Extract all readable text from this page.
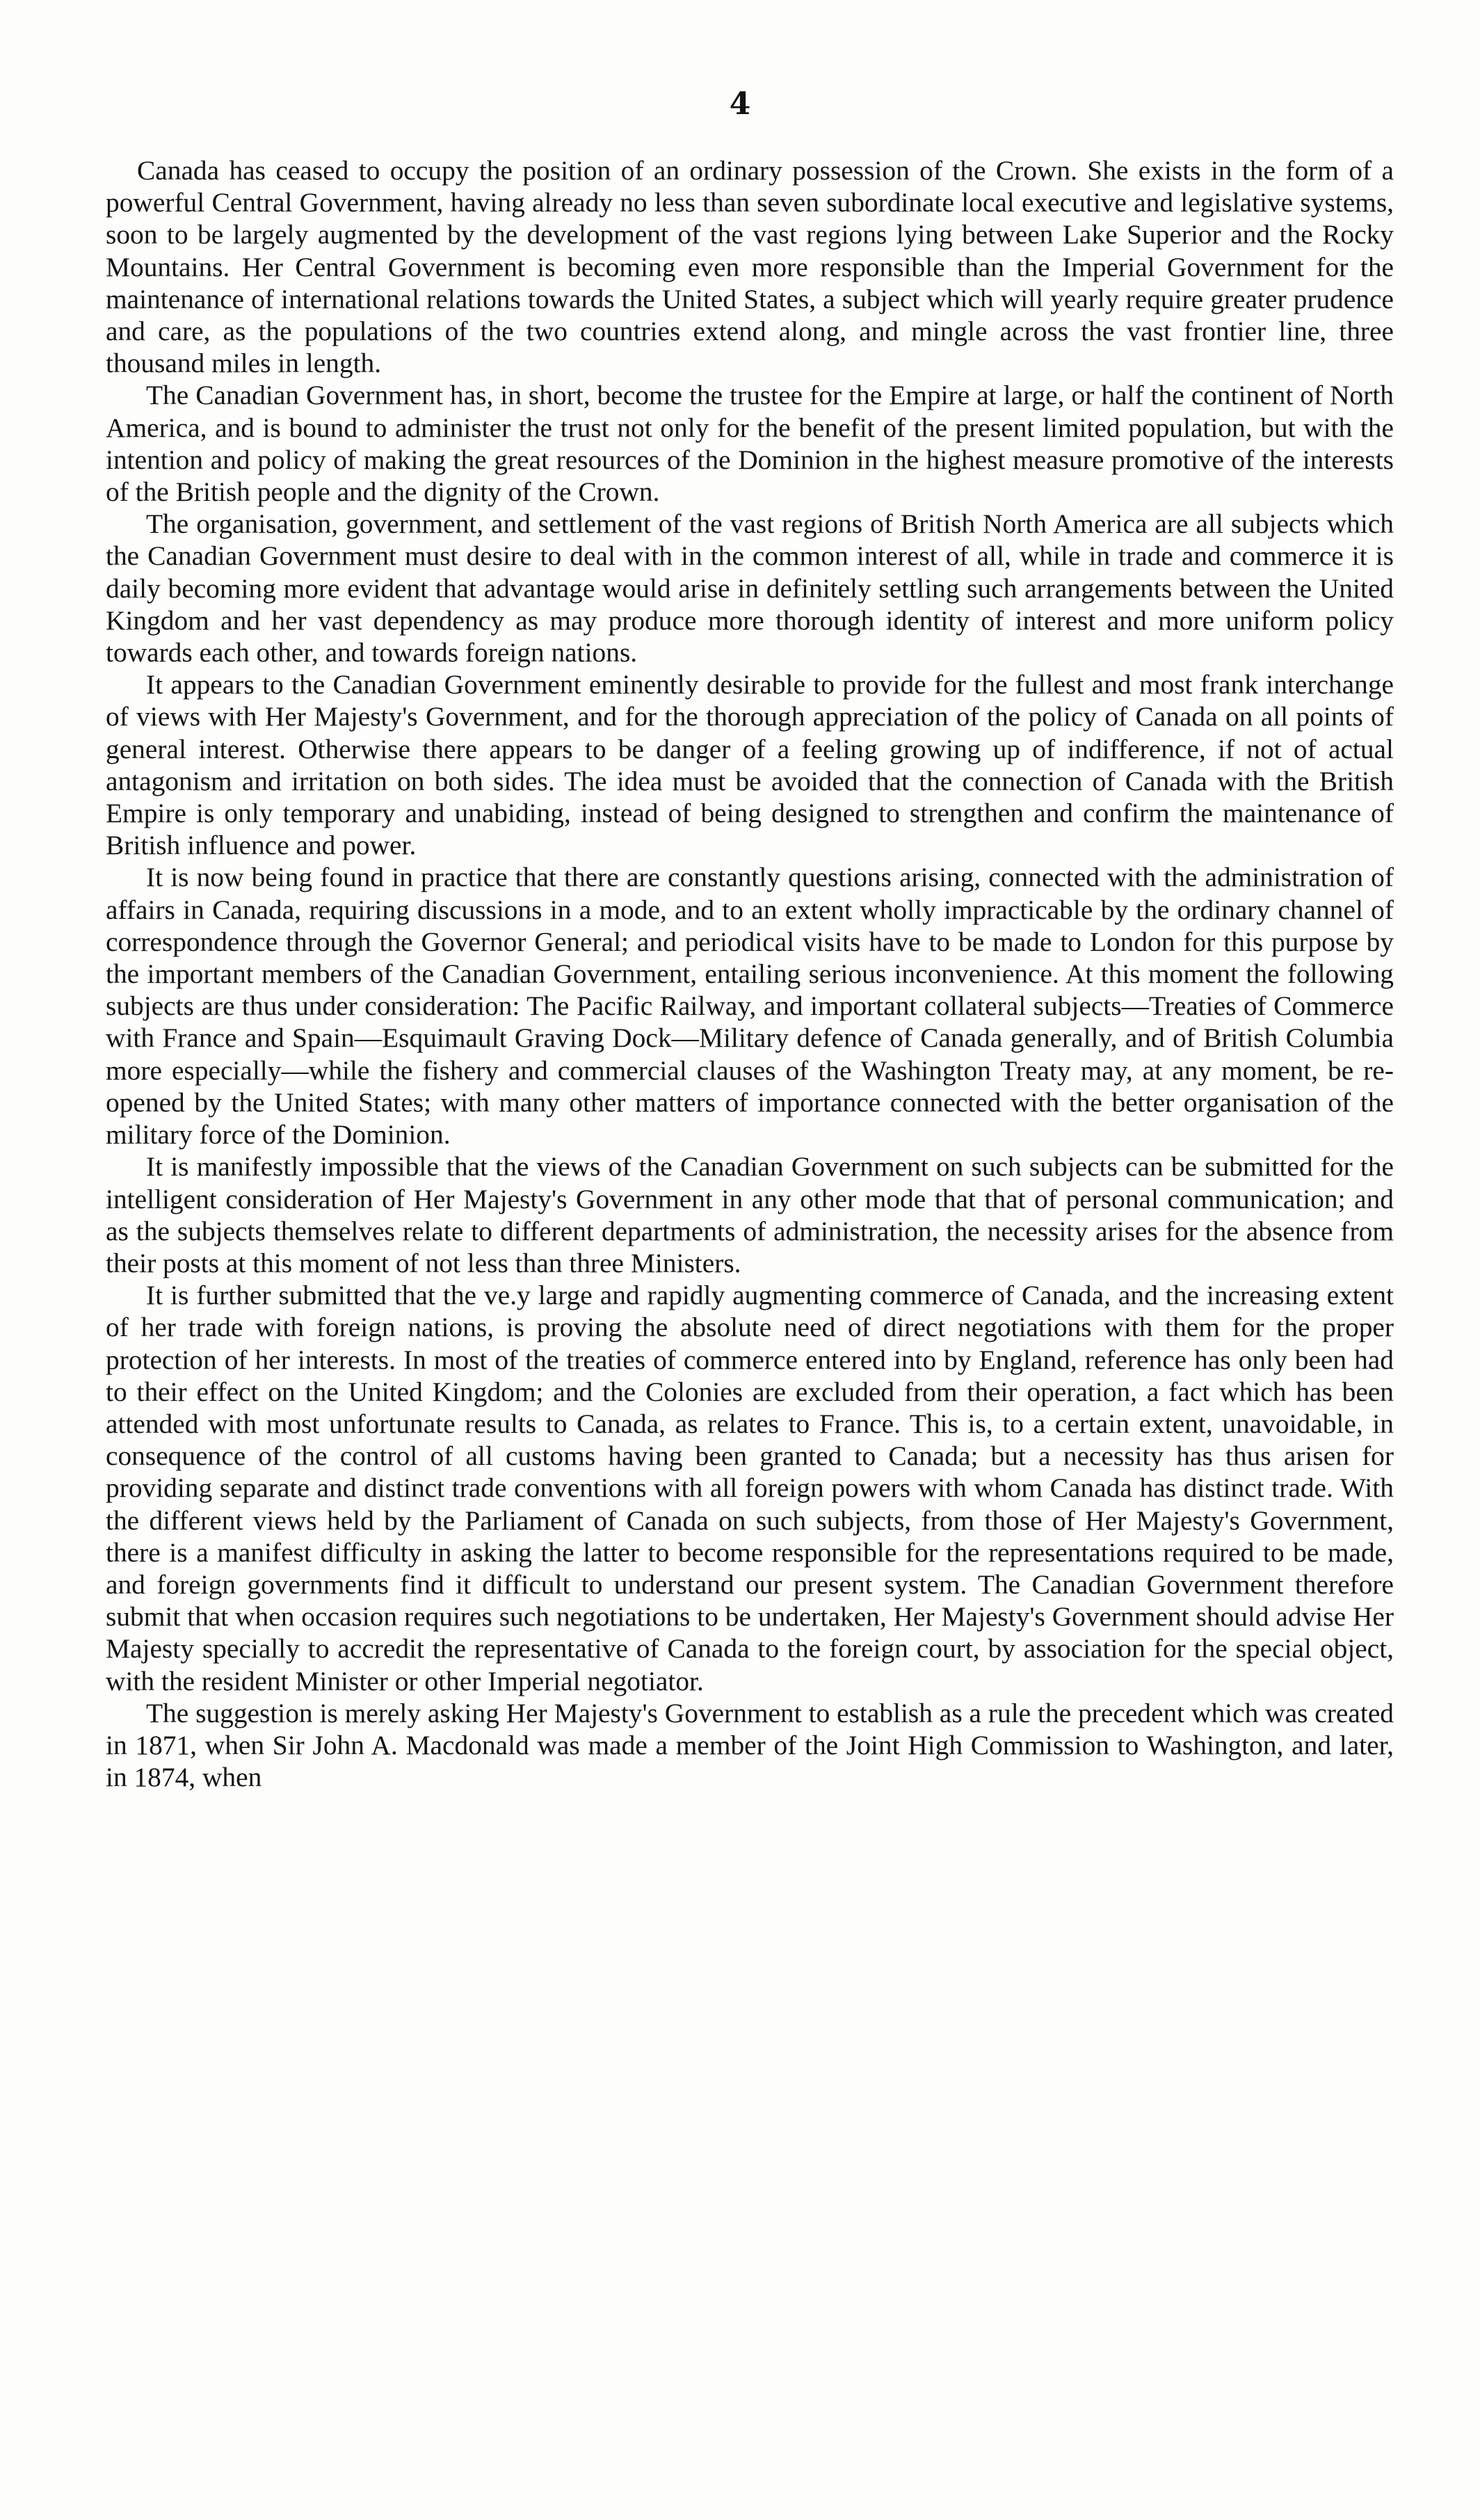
4

Canada has ceased to occupy the position of an ordinary possession of the Crown. She exists in the form of a powerful Central Government, having already no less than seven subordinate local executive and legislative systems, soon to be largely augmented by the development of the vast regions lying between Lake Superior and the Rocky Mountains. Her Central Government is becoming even more responsible than the Imperial Government for the maintenance of international relations towards the United States, a subject which will yearly require greater prudence and care, as the populations of the two countries extend along, and mingle across the vast frontier line, three thousand miles in length.

The Canadian Government has, in short, become the trustee for the Empire at large, or half the continent of North America, and is bound to administer the trust not only for the benefit of the present limited population, but with the intention and policy of making the great resources of the Dominion in the highest measure promotive of the interests of the British people and the dignity of the Crown.

The organisation, government, and settlement of the vast regions of British North America are all subjects which the Canadian Government must desire to deal with in the common interest of all, while in trade and commerce it is daily becoming more evident that advantage would arise in definitely settling such arrangements between the United Kingdom and her vast dependency as may produce more thorough identity of interest and more uniform policy towards each other, and towards foreign nations.

It appears to the Canadian Government eminently desirable to provide for the fullest and most frank interchange of views with Her Majesty's Government, and for the thorough appreciation of the policy of Canada on all points of general interest. Otherwise there appears to be danger of a feeling growing up of indifference, if not of actual antagonism and irritation on both sides. The idea must be avoided that the connection of Canada with the British Empire is only temporary and unabiding, instead of being designed to strengthen and confirm the maintenance of British influence and power.

It is now being found in practice that there are constantly questions arising, connected with the administration of affairs in Canada, requiring discussions in a mode, and to an extent wholly impracticable by the ordinary channel of correspondence through the Governor General; and periodical visits have to be made to London for this purpose by the important members of the Canadian Government, entailing serious inconvenience. At this moment the following subjects are thus under consideration: The Pacific Railway, and important collateral subjects—Treaties of Commerce with France and Spain—Esquimault Graving Dock—Military defence of Canada generally, and of British Columbia more especially—while the fishery and commercial clauses of the Washington Treaty may, at any moment, be re-opened by the United States; with many other matters of importance connected with the better organisation of the military force of the Dominion.

It is manifestly impossible that the views of the Canadian Government on such subjects can be submitted for the intelligent consideration of Her Majesty's Government in any other mode that that of personal communication; and as the subjects themselves relate to different departments of administration, the necessity arises for the absence from their posts at this moment of not less than three Ministers.

It is further submitted that the ve.y large and rapidly augmenting commerce of Canada, and the increasing extent of her trade with foreign nations, is proving the absolute need of direct negotiations with them for the proper protection of her interests. In most of the treaties of commerce entered into by England, reference has only been had to their effect on the United Kingdom; and the Colonies are excluded from their operation, a fact which has been attended with most unfortunate results to Canada, as relates to France. This is, to a certain extent, unavoidable, in consequence of the control of all customs having been granted to Canada; but a necessity has thus arisen for providing separate and distinct trade conventions with all foreign powers with whom Canada has distinct trade. With the different views held by the Parliament of Canada on such subjects, from those of Her Majesty's Government, there is a manifest difficulty in asking the latter to become responsible for the representations required to be made, and foreign governments find it difficult to understand our present system. The Canadian Government therefore submit that when occasion requires such negotiations to be undertaken, Her Majesty's Government should advise Her Majesty specially to accredit the representative of Canada to the foreign court, by association for the special object, with the resident Minister or other Imperial negotiator.

The suggestion is merely asking Her Majesty's Government to establish as a rule the precedent which was created in 1871, when Sir John A. Macdonald was made a member of the Joint High Commission to Washington, and later, in 1874, when
